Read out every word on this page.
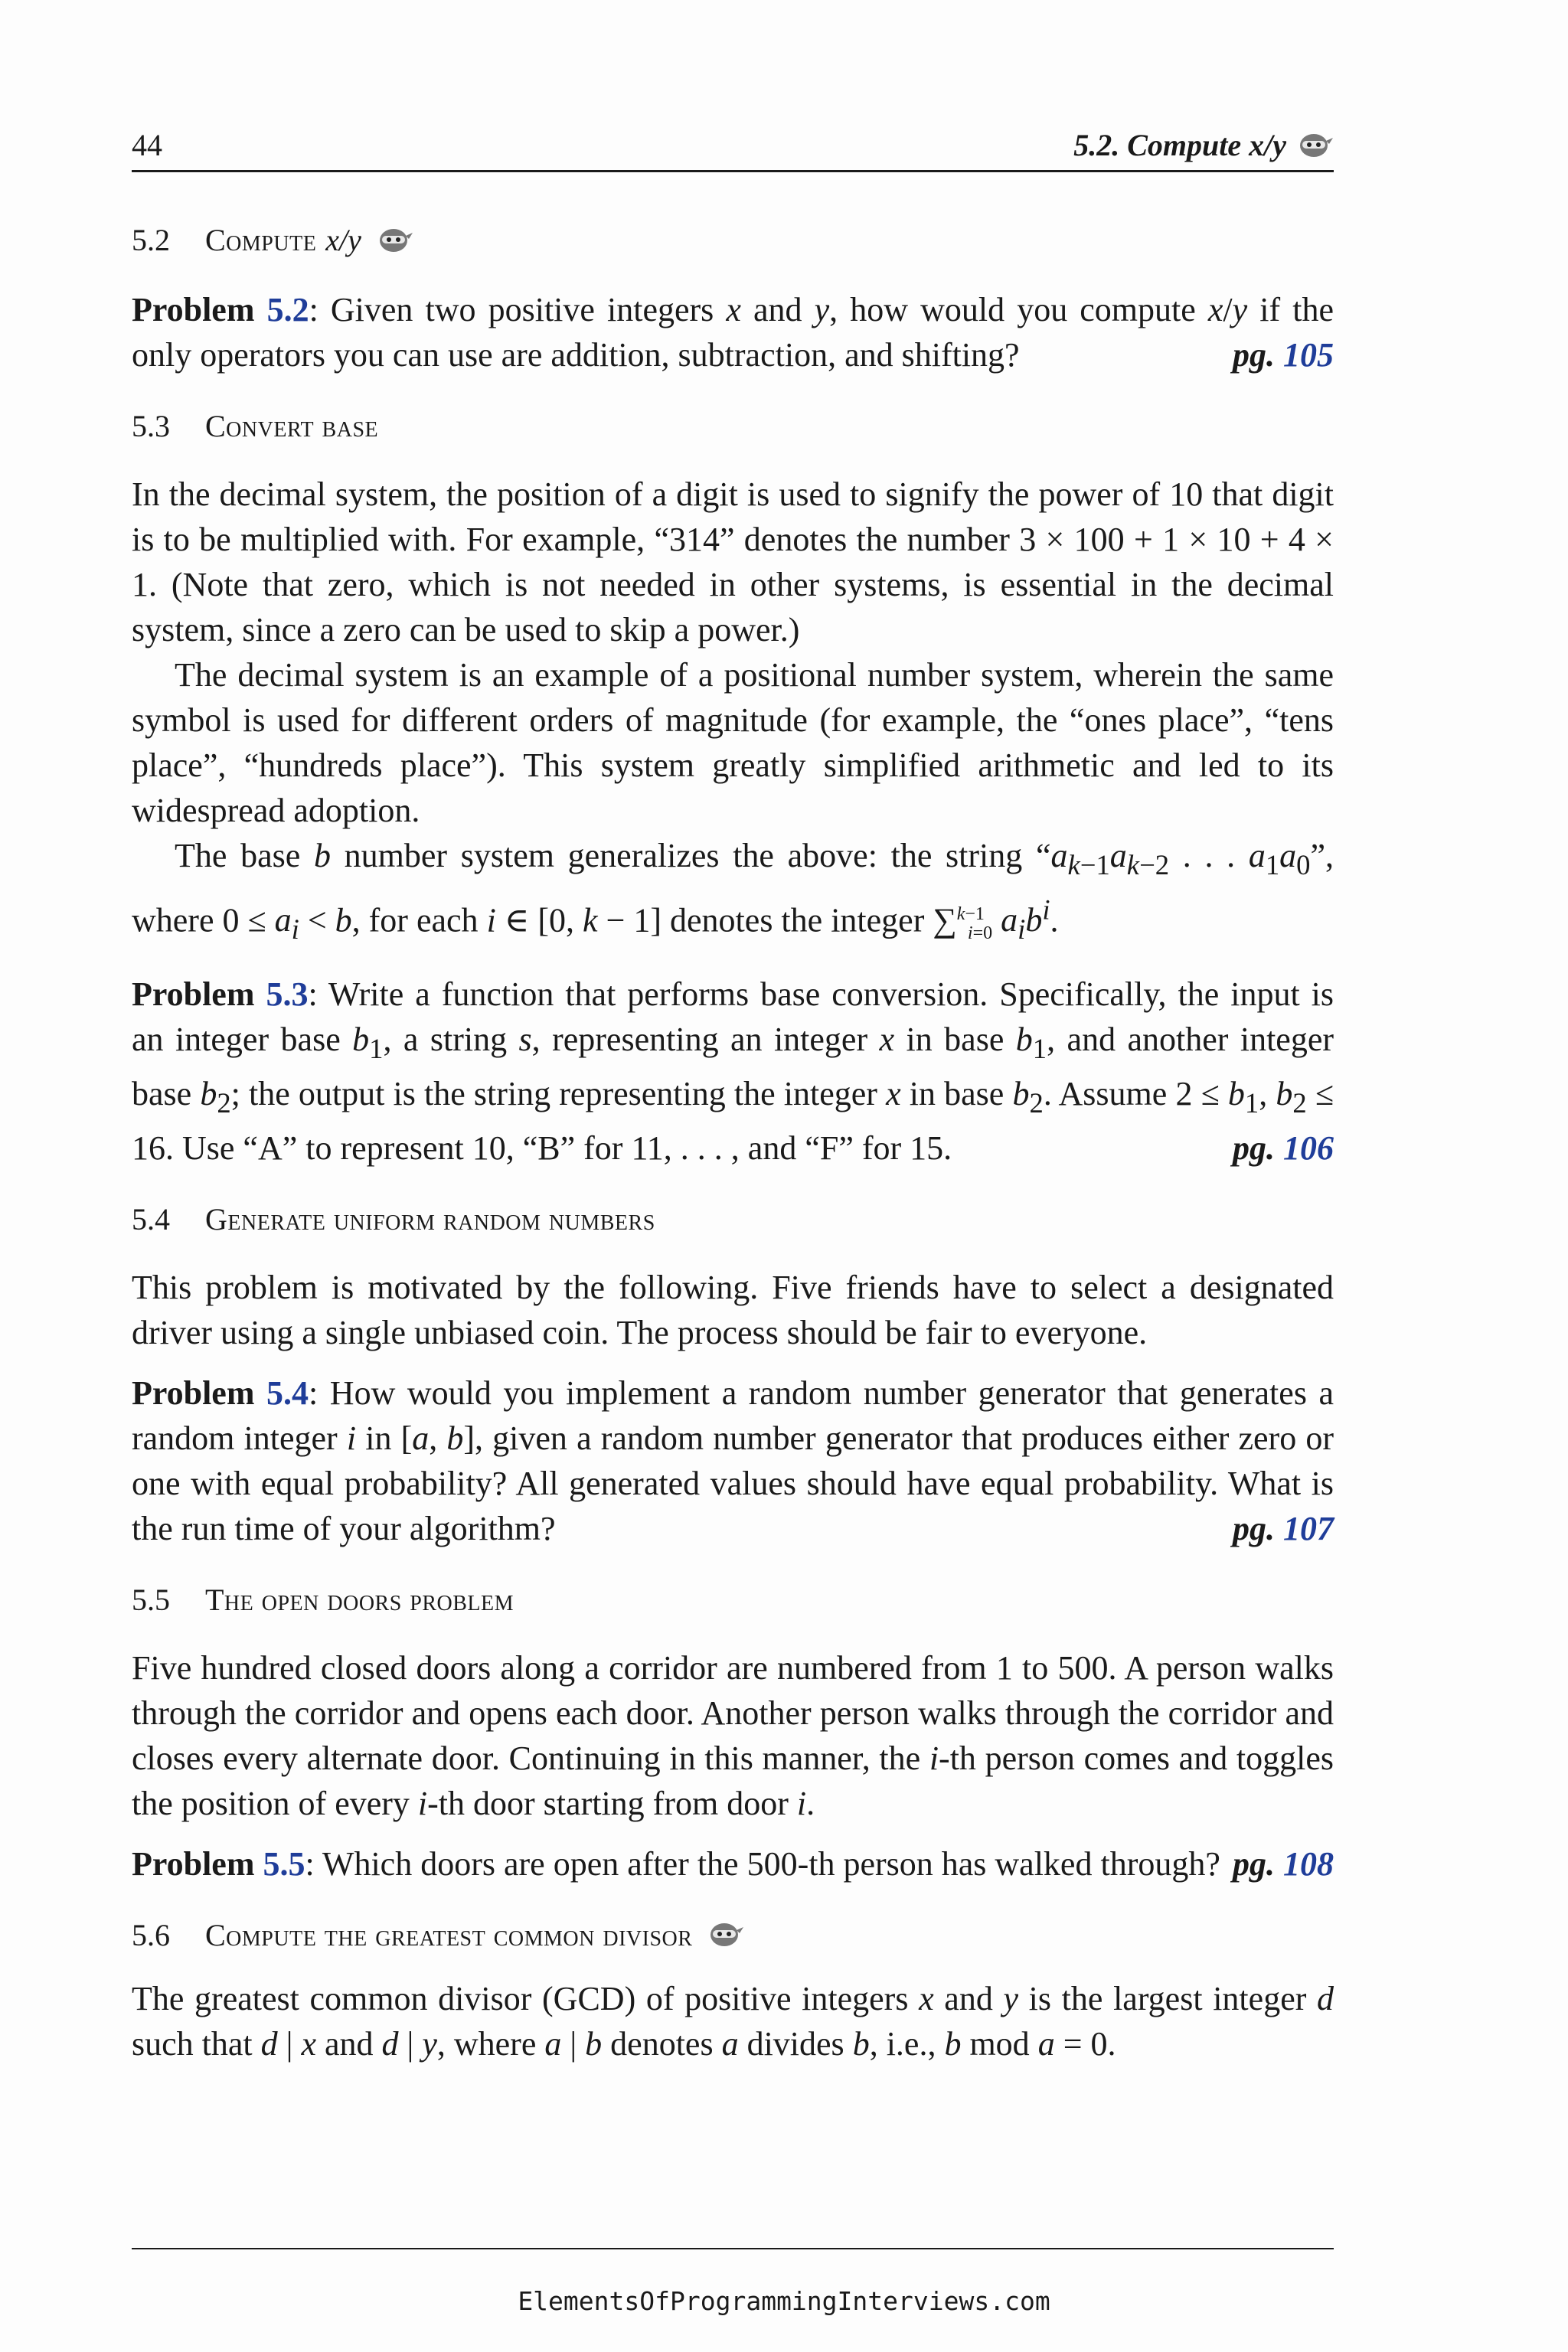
44	5.2. Compute x/y
5.2	Compute x/y

Problem 5.2: Given two positive integers x and y, how would you compute x/y if the only operators you can use are addition, subtraction, and shifting?	pg. 105

5.3	Convert base

In the decimal system, the position of a digit is used to signify the power of 10 that digit is to be multiplied with. For example, “314” denotes the number 3 × 100 + 1 × 10 + 4 × 1. (Note that zero, which is not needed in other systems, is essential in the decimal system, since a zero can be used to skip a power.)

The decimal system is an example of a positional number system, wherein the same symbol is used for different orders of magnitude (for example, the “ones place”, “tens place”, “hundreds place”). This system greatly simplified arithmetic and led to its widespread adoption.

The base b number system generalizes the above: the string “$a_{k-1}a_{k-2}$ . . . $a_1a_0$”, where $0 \le a_i < b$, for each i ∈ [0, k − 1] denotes the integer ∑$^{k-1}_{i=0}$ $a_ib^i$.

Problem 5.3: Write a function that performs base conversion. Specifically, the input is an integer base $b_1$, a string s, representing an integer x in base $b_1$, and another integer base $b_2$; the output is the string representing the integer x in base $b_2$. Assume $2 \le b_1$, $b_2 \le 16$. Use “A” to represent 10, “B” for 11, . . . , and “F” for 15.	pg. 106

5.4	Generate uniform random numbers

This problem is motivated by the following. Five friends have to select a designated driver using a single unbiased coin. The process should be fair to everyone.

Problem 5.4: How would you implement a random number generator that generates a random integer i in [a, b], given a random number generator that produces either zero or one with equal probability? All generated values should have equal probability. What is the run time of your algorithm?	pg. 107

5.5	The open doors problem

Five hundred closed doors along a corridor are numbered from 1 to 500. A person walks through the corridor and opens each door. Another person walks through the corridor and closes every alternate door. Continuing in this manner, the i-th person comes and toggles the position of every i-th door starting from door i.

Problem 5.5: Which doors are open after the 500-th person has walked through? pg. 108

5.6	Compute the greatest common divisor

The greatest common divisor (GCD) of positive integers x and y is the largest integer d such that d | x and d | y, where a | b denotes a divides b, i.e., b mod a = 0.

ElementsOfProgrammingInterviews.com
